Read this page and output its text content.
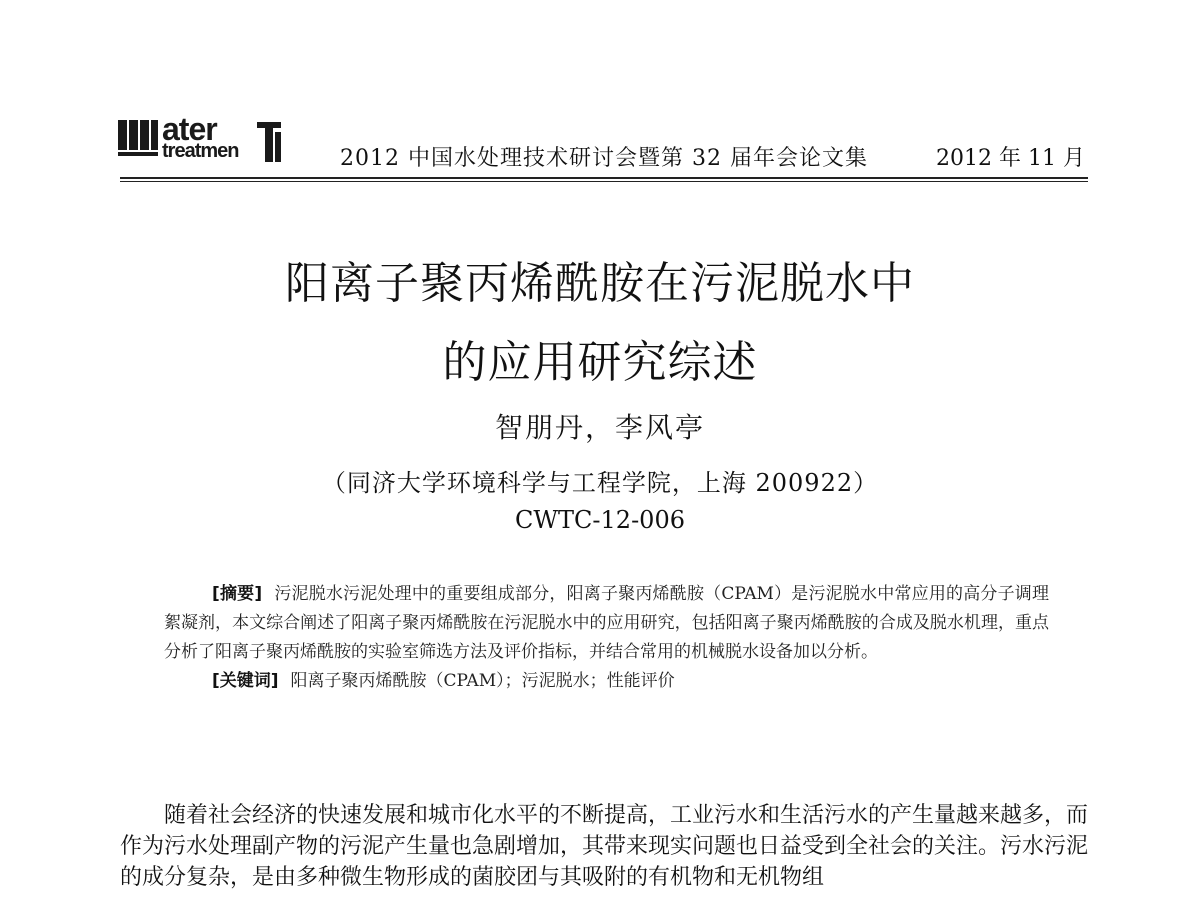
ater
treatmen	2012 中国水处理技术研讨会暨第 32 届年会论文集	2012 年 11 月
阳离子聚丙烯酰胺在污泥脱水中
的应用研究综述
智朋丹，李风亭
（同济大学环境科学与工程学院，上海 200922）
CWTC-12-006

[摘要] 污泥脱水污泥处理中的重要组成部分，阳离子聚丙烯酰胺（CPAM）是污泥脱水中常应用的高分子调理絮凝剂，本文综合阐述了阳离子聚丙烯酰胺在污泥脱水中的应用研究，包括阳离子聚丙烯酰胺的合成及脱水机理，重点分析了阳离子聚丙烯酰胺的实验室筛选方法及评价指标，并结合常用的机械脱水设备加以分析。

[关键词] 阳离子聚丙烯酰胺（CPAM）；污泥脱水；性能评价

随着社会经济的快速发展和城市化水平的不断提高，工业污水和生活污水的产生量越来越多，而作为污水处理副产物的污泥产生量也急剧增加，其带来现实问题也日益受到全社会的关注。污水污泥的成分复杂，是由多种微生物形成的菌胶团与其吸附的有机物和无机物组
